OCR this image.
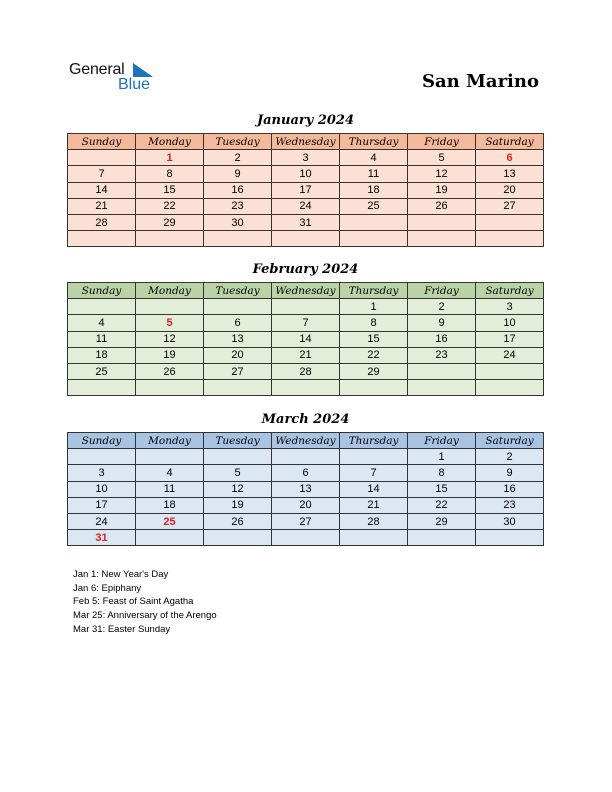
General
Blue	San Marino
January 2024
Sunday	Monday	Tuesday	Wednesday	Thursday	Friday	Saturday
	1	2	3	4	5	6
7	8	9	10	11	12	13
14	15	16	17	18	19	20
21	22	23	24	25	26	27
28	29	30	31			

February 2024
Sunday	Monday	Tuesday	Wednesday	Thursday	Friday	Saturday
				1	2	3
4	5	6	7	8	9	10
11	12	13	14	15	16	17
18	19	20	21	22	23	24
25	26	27	28	29		

March 2024
Sunday	Monday	Tuesday	Wednesday	Thursday	Friday	Saturday
					1	2
3	4	5	6	7	8	9
10	11	12	13	14	15	16
17	18	19	20	21	22	23
24	25	26	27	28	29	30
31						
Jan 1: New Year's Day
Jan 6: Epiphany
Feb 5: Feast of Saint Agatha
Mar 25: Anniversary of the Arengo
Mar 31: Easter Sunday
